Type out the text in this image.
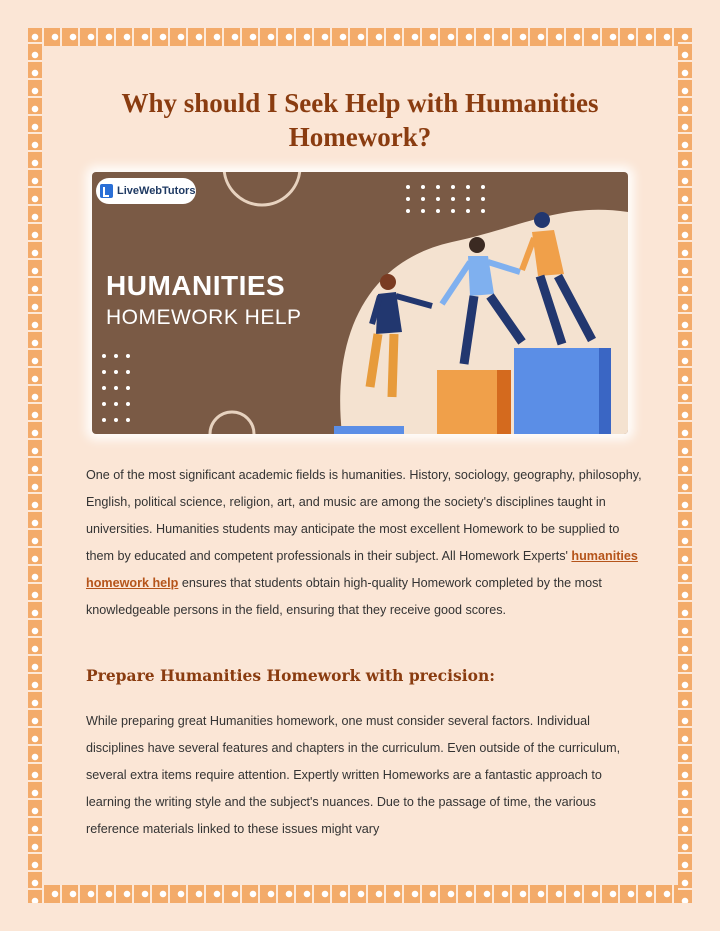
Why should I Seek Help with Humanities Homework?
LiveWebTutors
HUMANITIES
HOMEWORK HELP

One of the most significant academic fields is humanities. History, sociology, geography, philosophy, English, political science, religion, art, and music are among the society's disciplines taught in universities. Humanities students may anticipate the most excellent Homework to be supplied to them by educated and competent professionals in their subject. All Homework Experts' humanities homework help ensures that students obtain high-quality Homework completed by the most knowledgeable persons in the field, ensuring that they receive good scores.

Prepare Humanities Homework with precision:

While preparing great Humanities homework, one must consider several factors. Individual disciplines have several features and chapters in the curriculum. Even outside of the curriculum, several extra items require attention. Expertly written Homeworks are a fantastic approach to learning the writing style and the subject's nuances. Due to the passage of time, the various reference materials linked to these issues might vary
